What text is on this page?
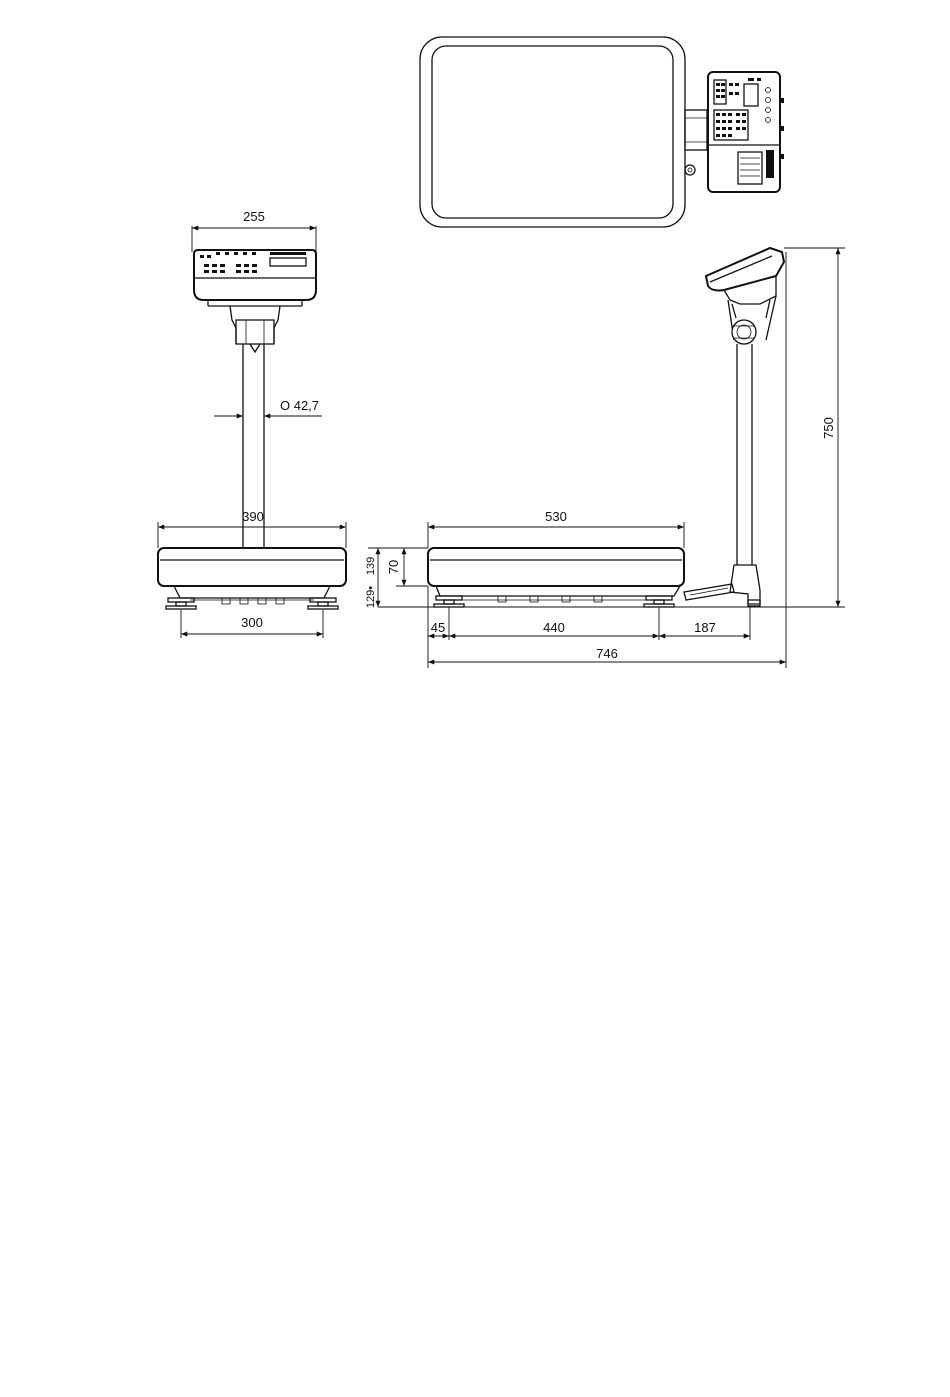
255
O 42,7
390
300
530
70
139
129•
750
45	440	187
746
